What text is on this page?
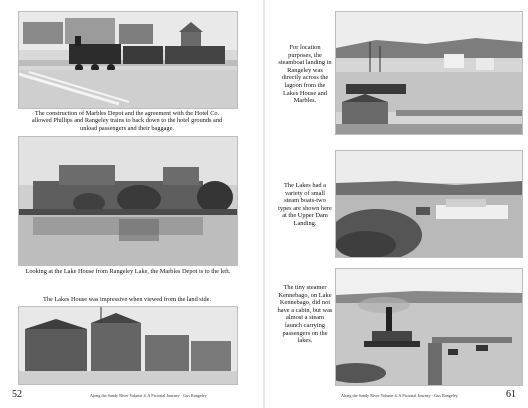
The construction of Marbles Depot and the agreement with the Hotel Co. allowed Phillips and Rangeley trains to back down to the hotel grounds and unload passengers and their baggage.
Looking at the Lake House from Rangeley Lake, the Marbles Depot is to the left.
The Lakes House was impressive when viewed from the land side.
52	Along the Sandy River Volume 4, A Pictorial Journey · Gus Rangeley
For location purposes, the steamboat landing in Rangeley was directly across the lagoon from the Lakes House and Marbles.
The Lakes had a variety of small steam boats-two types are shown here at the Upper Dam Landing.
The tiny steamer Kennebago, on Lake Kennebago, did not have a cabin, but was almost a steam launch carrying passengers on the lakes.
61
Along the Sandy River Volume 4, A Pictorial Journey · Gus Rangeley
